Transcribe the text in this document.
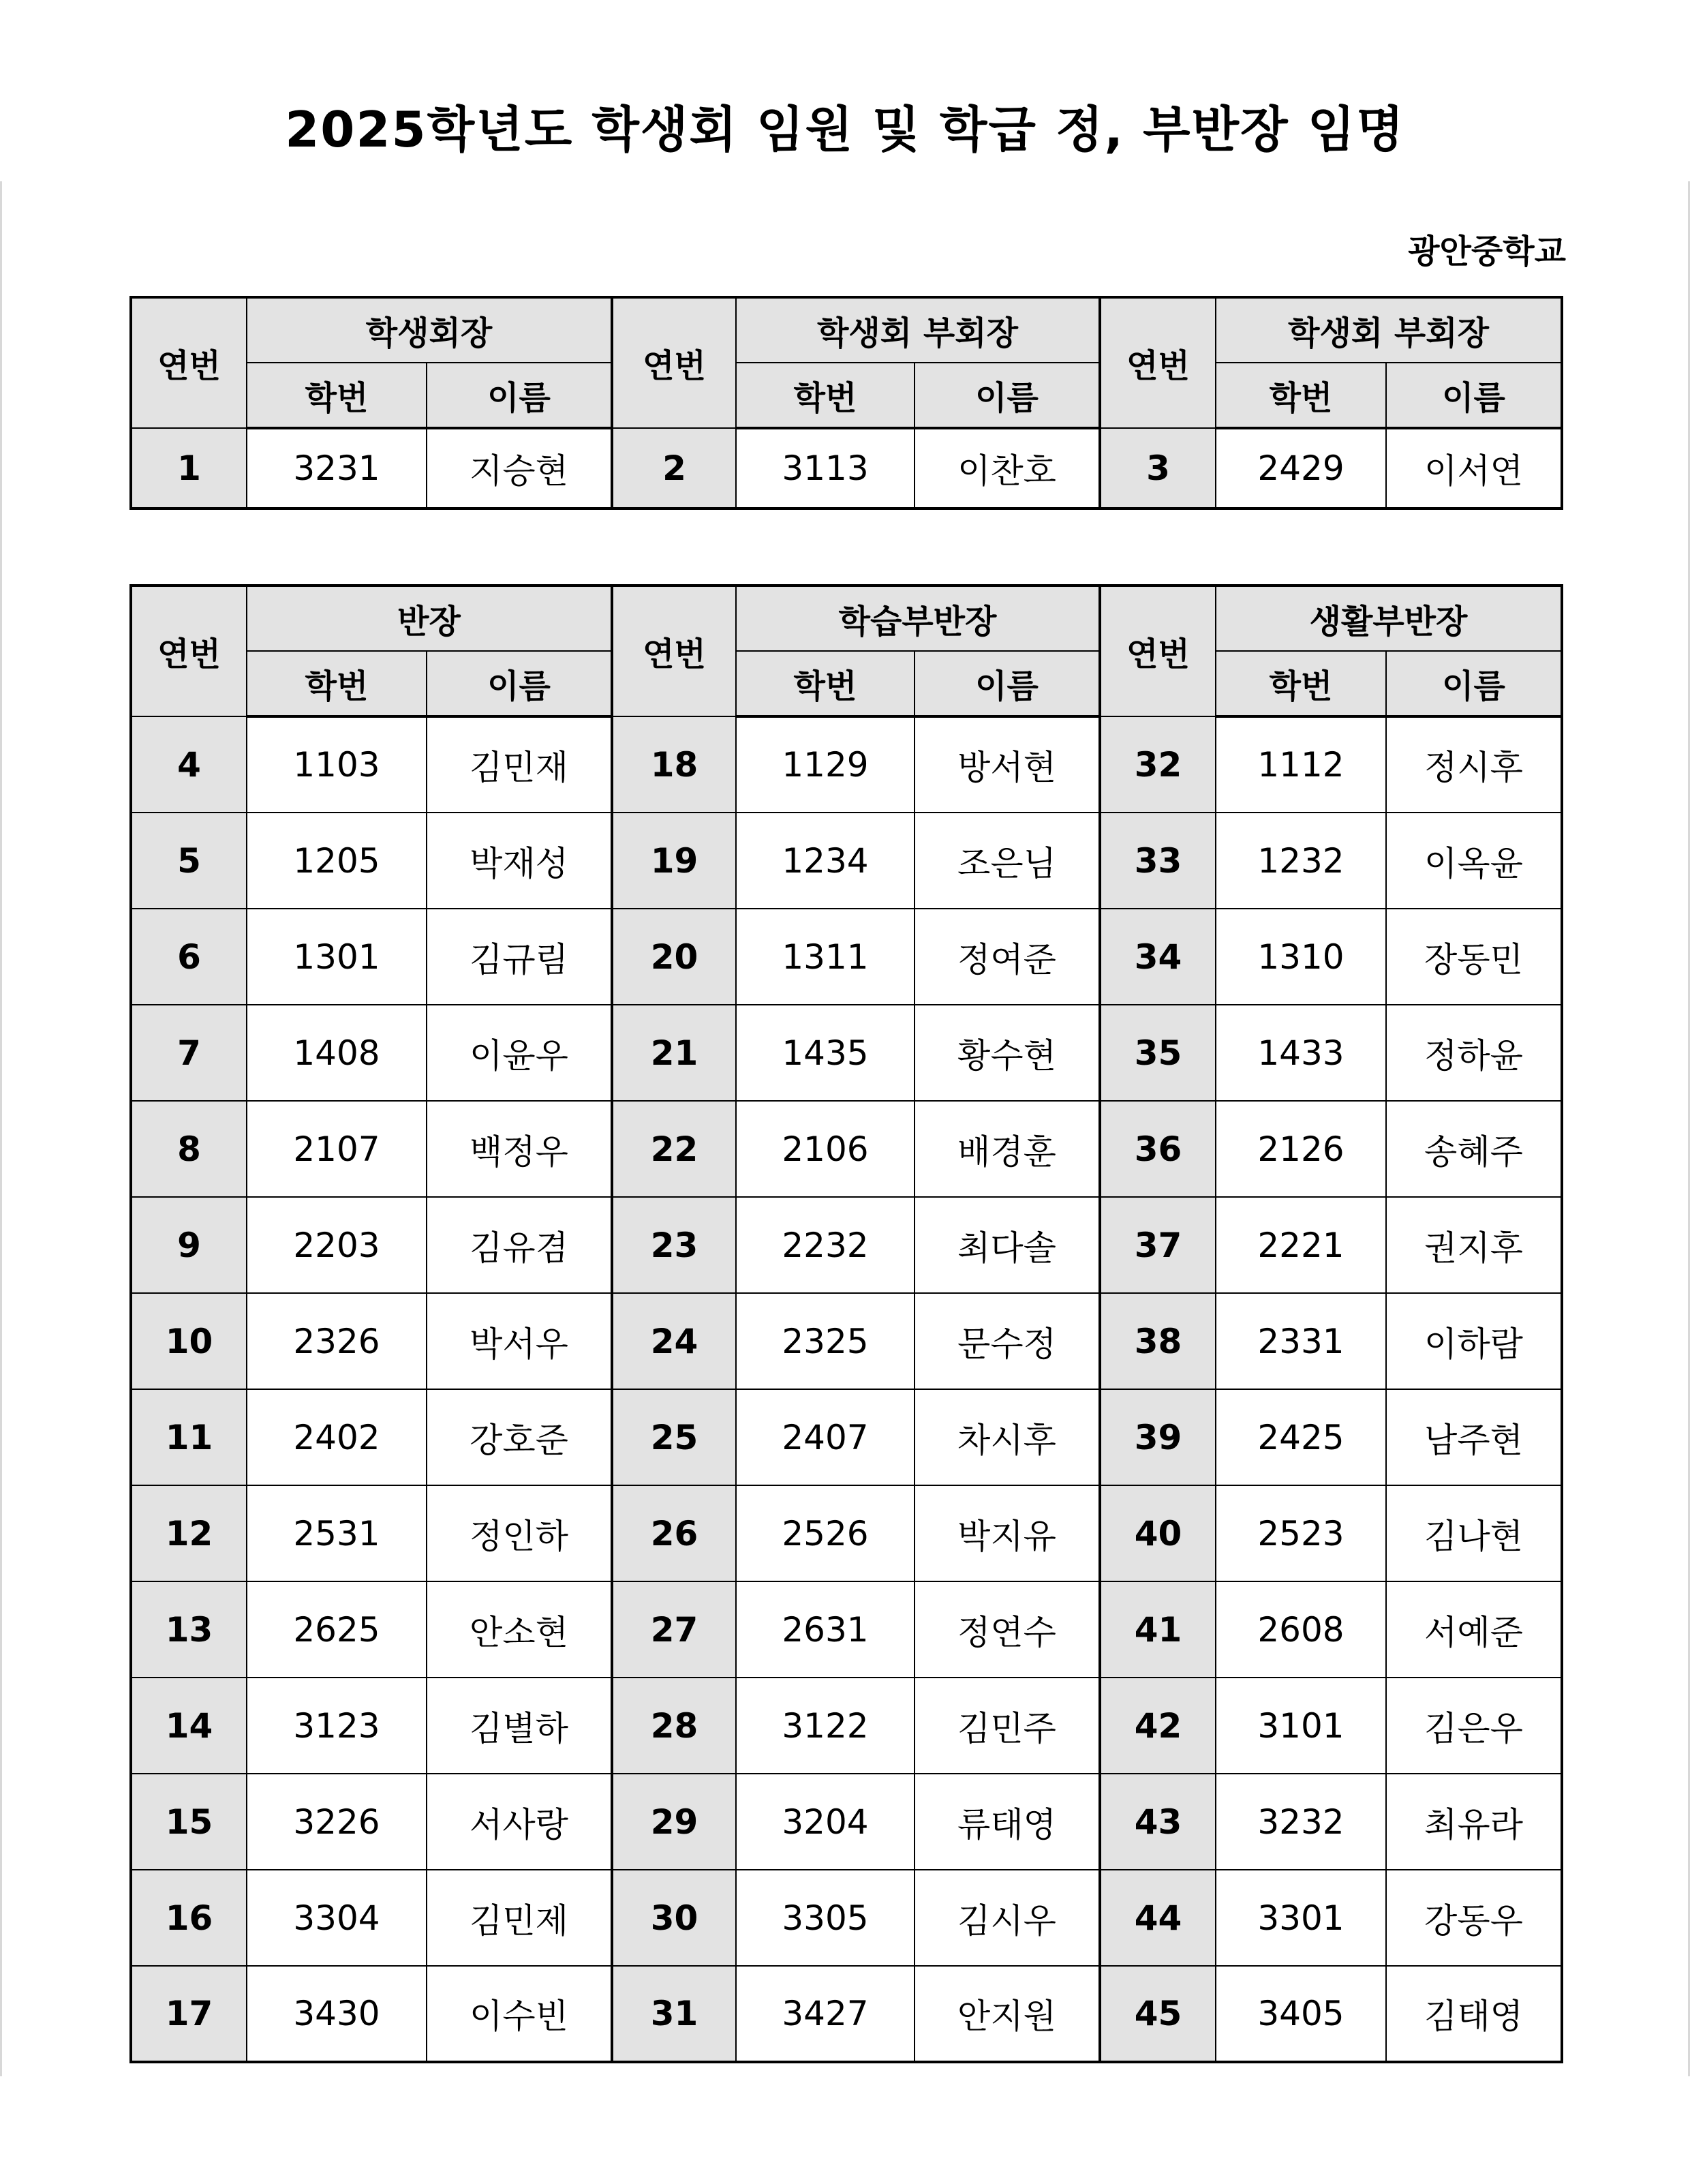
2025학년도 학생회 임원 및 학급 정, 부반장 임명
광안중학교
연번	학생회장		연번	학생회 부회장		연번	학생회 부회장	
	학번	이름		학번	이름		학번	이름
1	3231	지승현	2	3113	이찬호	3	2429	이서연
연번	반장		연번	학습부반장		연번	생활부반장	
	학번	이름		학번	이름		학번	이름
4	1103	김민재	18	1129	방서현	32	1112	정시후
5	1205	박재성	19	1234	조은님	33	1232	이옥윤
6	1301	김규림	20	1311	정여준	34	1310	장동민
7	1408	이윤우	21	1435	황수현	35	1433	정하윤
8	2107	백정우	22	2106	배경훈	36	2126	송혜주
9	2203	김유겸	23	2232	최다솔	37	2221	권지후
10	2326	박서우	24	2325	문수정	38	2331	이하람
11	2402	강호준	25	2407	차시후	39	2425	남주현
12	2531	정인하	26	2526	박지유	40	2523	김나현
13	2625	안소현	27	2631	정연수	41	2608	서예준
14	3123	김별하	28	3122	김민주	42	3101	김은우
15	3226	서사랑	29	3204	류태영	43	3232	최유라
16	3304	김민제	30	3305	김시우	44	3301	강동우
17	3430	이수빈	31	3427	안지원	45	3405	김태영
